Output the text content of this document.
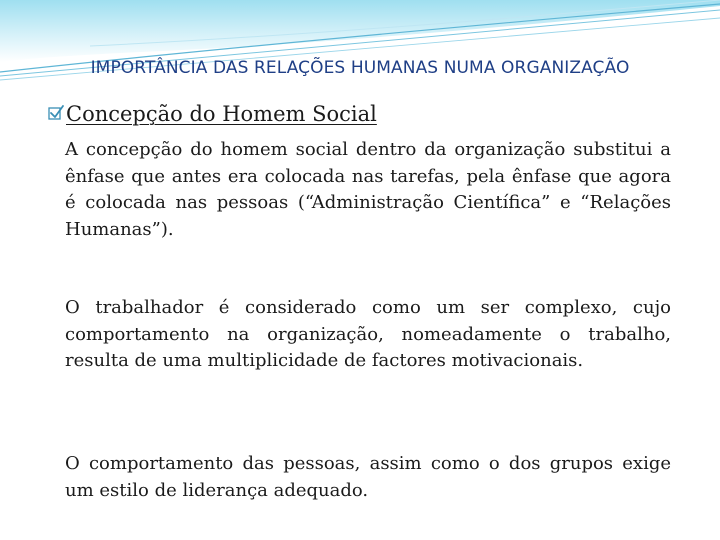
IMPORTÂNCIA DAS RELAÇÕES HUMANAS NUMA ORGANIZAÇÃO
Concepção do Homem Social

A concepção do homem social dentro da organização substitui a ênfase que antes era colocada nas tarefas, pela ênfase que agora é colocada nas pessoas (“Administração Científica” e “Relações Humanas”).

O trabalhador é considerado como um ser complexo, cujo comportamento na organização, nomeadamente o trabalho, resulta de uma multiplicidade de factores motivacionais.

O comportamento das pessoas, assim como o dos grupos exige um estilo de liderança adequado.
